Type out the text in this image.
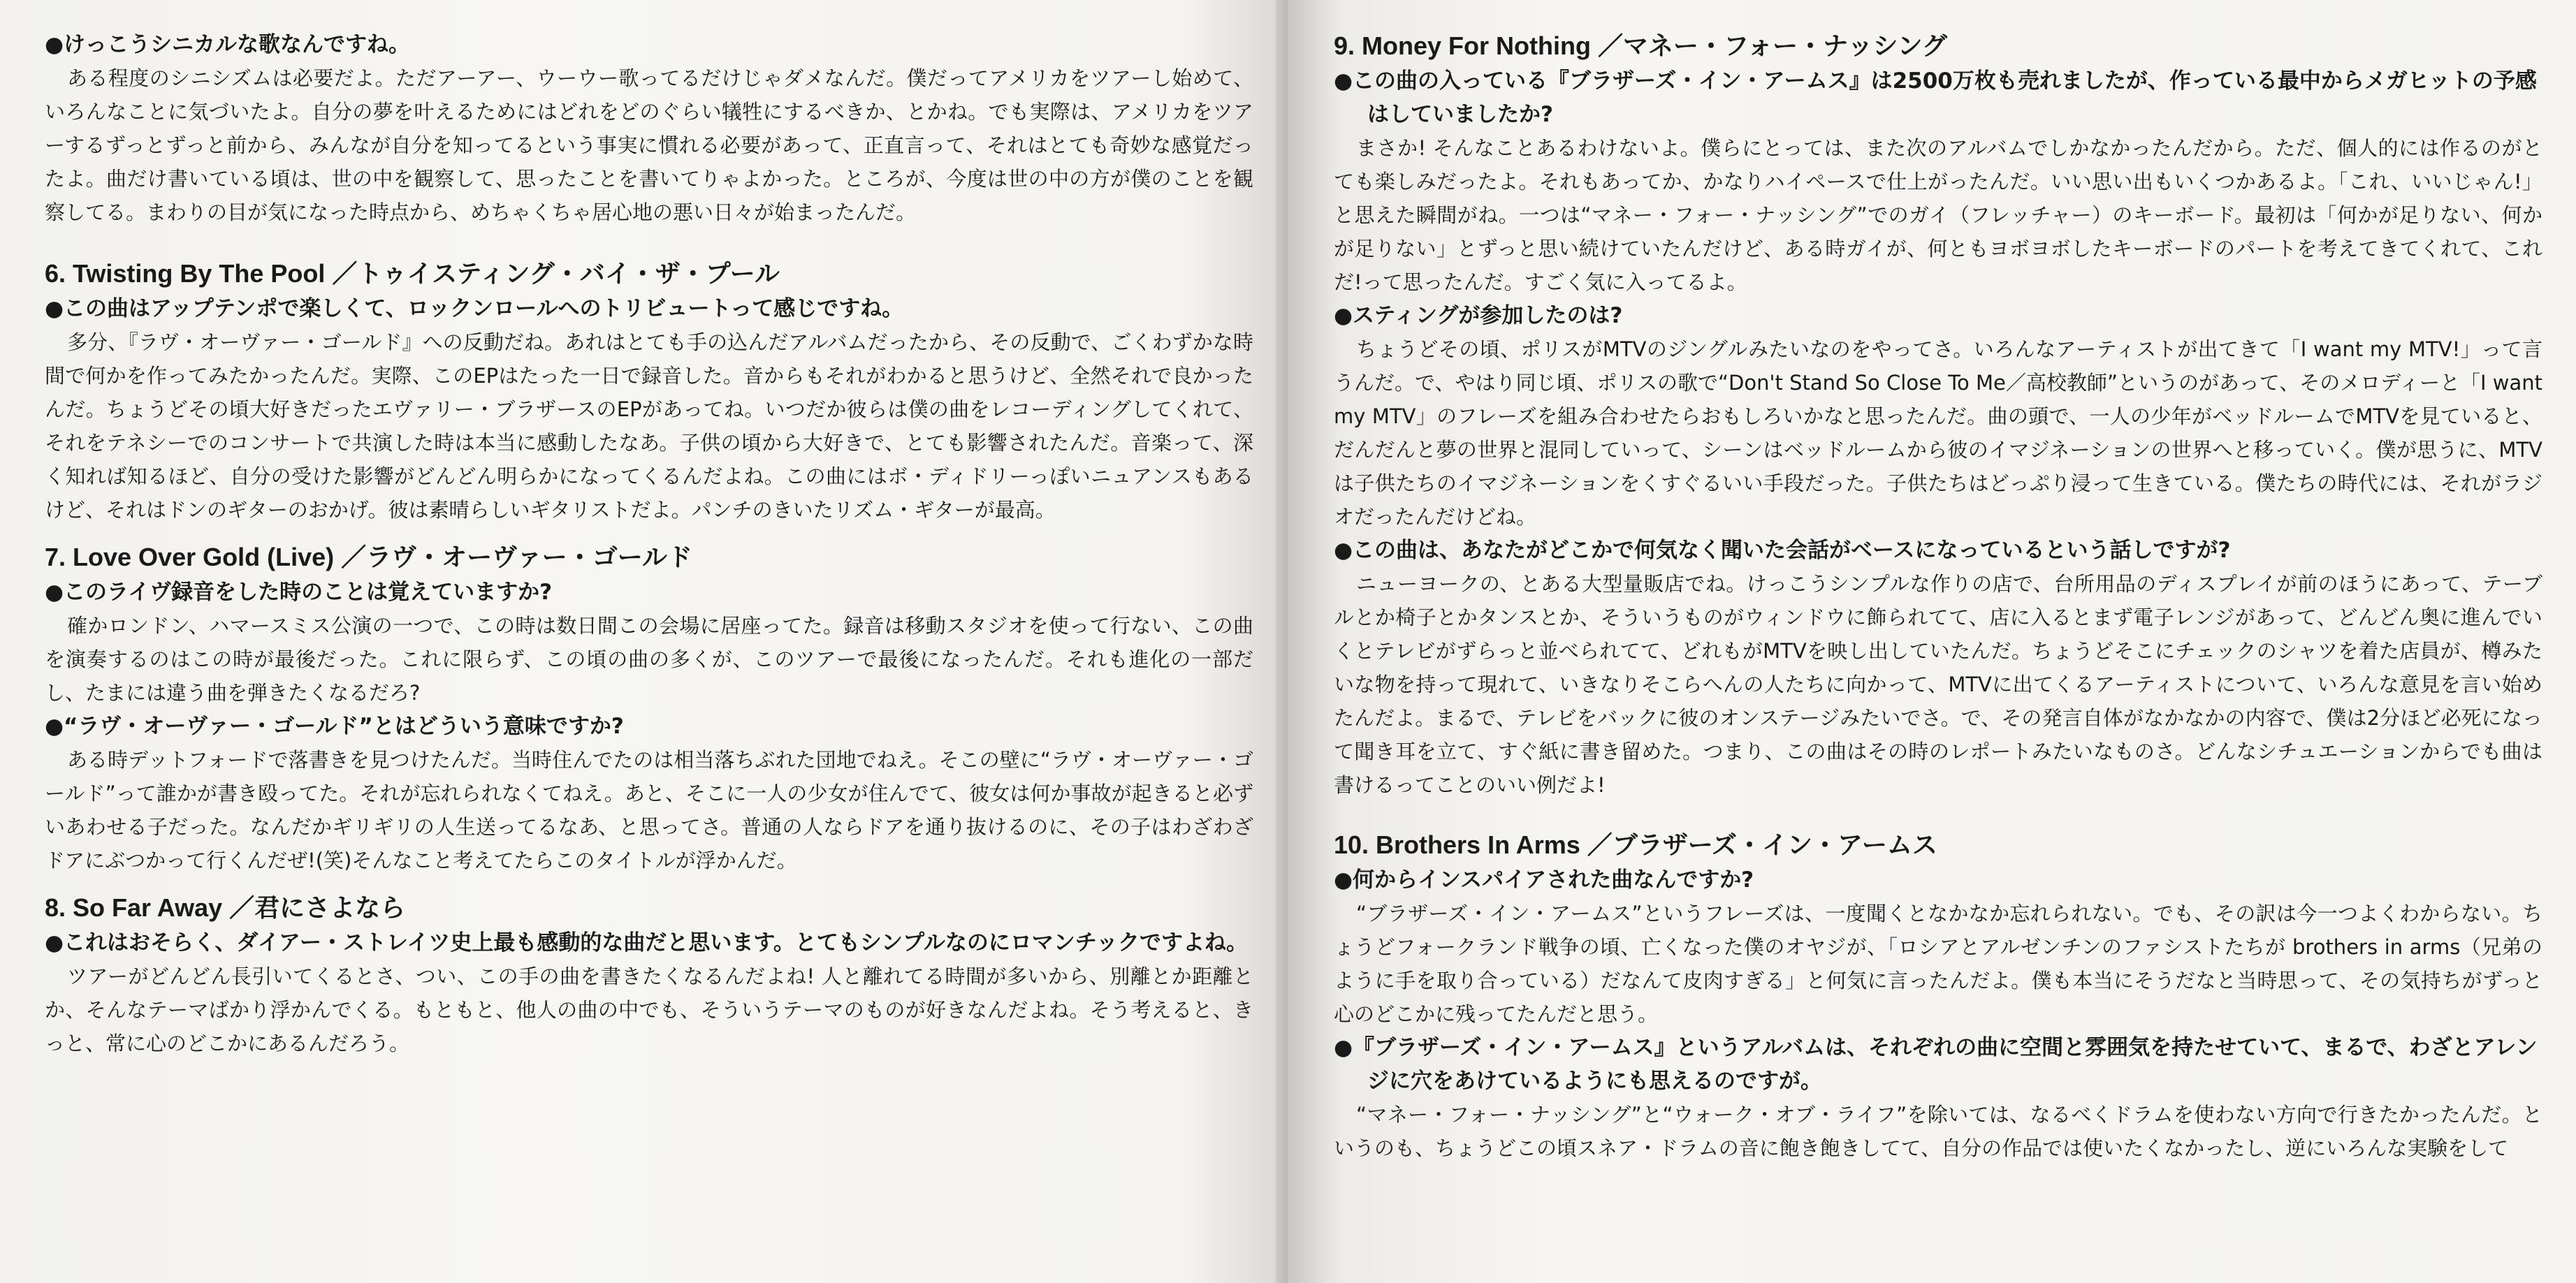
●けっこうシニカルな歌なんですね。

ある程度のシニシズムは必要だよ。ただアーアー、ウーウー歌ってるだけじゃダメなんだ。僕だってアメリカをツアーし始めて、いろんなことに気づいたよ。自分の夢を叶えるためにはどれをどのぐらい犠牲にするべきか、とかね。でも実際は、アメリカをツアーするずっとずっと前から、みんなが自分を知ってるという事実に慣れる必要があって、正直言って、それはとても奇妙な感覚だったよ。曲だけ書いている頃は、世の中を観察して、思ったことを書いてりゃよかった。ところが、今度は世の中の方が僕のことを観察してる。まわりの目が気になった時点から、めちゃくちゃ居心地の悪い日々が始まったんだ。

6. Twisting By The Pool ／トゥイスティング・バイ・ザ・プール

●この曲はアップテンポで楽しくて、ロックンロールへのトリビュートって感じですね。

多分、『ラヴ・オーヴァー・ゴールド』への反動だね。あれはとても手の込んだアルバムだったから、その反動で、ごくわずかな時間で何かを作ってみたかったんだ。実際、このEPはたった一日で録音した。音からもそれがわかると思うけど、全然それで良かったんだ。ちょうどその頃大好きだったエヴァリー・ブラザースのEPがあってね。いつだか彼らは僕の曲をレコーディングしてくれて、それをテネシーでのコンサートで共演した時は本当に感動したなあ。子供の頃から大好きで、とても影響されたんだ。音楽って、深く知れば知るほど、自分の受けた影響がどんどん明らかになってくるんだよね。この曲にはボ・ディドリーっぽいニュアンスもあるけど、それはドンのギターのおかげ。彼は素晴らしいギタリストだよ。パンチのきいたリズム・ギターが最高。

7. Love Over Gold (Live) ／ラヴ・オーヴァー・ゴールド

●このライヴ録音をした時のことは覚えていますか?

確かロンドン、ハマースミス公演の一つで、この時は数日間この会場に居座ってた。録音は移動スタジオを使って行ない、この曲を演奏するのはこの時が最後だった。これに限らず、この頃の曲の多くが、このツアーで最後になったんだ。それも進化の一部だし、たまには違う曲を弾きたくなるだろ?

●“ラヴ・オーヴァー・ゴールド”とはどういう意味ですか?

ある時デットフォードで落書きを見つけたんだ。当時住んでたのは相当落ちぶれた団地でねえ。そこの壁に“ラヴ・オーヴァー・ゴールド”って誰かが書き殴ってた。それが忘れられなくてねえ。あと、そこに一人の少女が住んでて、彼女は何か事故が起きると必ずいあわせる子だった。なんだかギリギリの人生送ってるなあ、と思ってさ。普通の人ならドアを通り抜けるのに、その子はわざわざドアにぶつかって行くんだぜ!(笑)そんなこと考えてたらこのタイトルが浮かんだ。

8. So Far Away ／君にさよなら

●これはおそらく、ダイアー・ストレイツ史上最も感動的な曲だと思います。とてもシンプルなのにロマンチックですよね。

ツアーがどんどん長引いてくるとさ、つい、この手の曲を書きたくなるんだよね! 人と離れてる時間が多いから、別離とか距離とか、そんなテーマばかり浮かんでくる。もともと、他人の曲の中でも、そういうテーマのものが好きなんだよね。そう考えると、きっと、常に心のどこかにあるんだろう。

9. Money For Nothing ／マネー・フォー・ナッシング

●この曲の入っている『ブラザーズ・イン・アームス』は2500万枚も売れましたが、作っている最中からメガヒットの予感はしていましたか?

まさか! そんなことあるわけないよ。僕らにとっては、また次のアルバムでしかなかったんだから。ただ、個人的には作るのがとても楽しみだったよ。それもあってか、かなりハイペースで仕上がったんだ。いい思い出もいくつかあるよ。「これ、いいじゃん!」と思えた瞬間がね。一つは“マネー・フォー・ナッシング”でのガイ（フレッチャー）のキーボード。最初は「何かが足りない、何かが足りない」とずっと思い続けていたんだけど、ある時ガイが、何ともヨボヨボしたキーボードのパートを考えてきてくれて、これだ!って思ったんだ。すごく気に入ってるよ。

●スティングが参加したのは?

ちょうどその頃、ポリスがMTVのジングルみたいなのをやってさ。いろんなアーティストが出てきて「I want my MTV!」って言うんだ。で、やはり同じ頃、ポリスの歌で“Don't Stand So Close To Me／高校教師”というのがあって、そのメロディーと「I want my MTV」のフレーズを組み合わせたらおもしろいかなと思ったんだ。曲の頭で、一人の少年がベッドルームでMTVを見ていると、だんだんと夢の世界と混同していって、シーンはベッドルームから彼のイマジネーションの世界へと移っていく。僕が思うに、MTVは子供たちのイマジネーションをくすぐるいい手段だった。子供たちはどっぷり浸って生きている。僕たちの時代には、それがラジオだったんだけどね。

●この曲は、あなたがどこかで何気なく聞いた会話がベースになっているという話しですが?

ニューヨークの、とある大型量販店でね。けっこうシンプルな作りの店で、台所用品のディスプレイが前のほうにあって、テーブルとか椅子とかタンスとか、そういうものがウィンドウに飾られてて、店に入るとまず電子レンジがあって、どんどん奥に進んでいくとテレビがずらっと並べられてて、どれもがMTVを映し出していたんだ。ちょうどそこにチェックのシャツを着た店員が、樽みたいな物を持って現れて、いきなりそこらへんの人たちに向かって、MTVに出てくるアーティストについて、いろんな意見を言い始めたんだよ。まるで、テレビをバックに彼のオンステージみたいでさ。で、その発言自体がなかなかの内容で、僕は2分ほど必死になって聞き耳を立て、すぐ紙に書き留めた。つまり、この曲はその時のレポートみたいなものさ。どんなシチュエーションからでも曲は書けるってことのいい例だよ!

10. Brothers In Arms ／ブラザーズ・イン・アームス

●何からインスパイアされた曲なんですか?

“ブラザーズ・イン・アームス”というフレーズは、一度聞くとなかなか忘れられない。でも、その訳は今一つよくわからない。ちょうどフォークランド戦争の頃、亡くなった僕のオヤジが、「ロシアとアルゼンチンのファシストたちが brothers in arms（兄弟のように手を取り合っている）だなんて皮肉すぎる」と何気に言ったんだよ。僕も本当にそうだなと当時思って、その気持ちがずっと心のどこかに残ってたんだと思う。

●『ブラザーズ・イン・アームス』というアルバムは、それぞれの曲に空間と雰囲気を持たせていて、まるで、わざとアレンジに穴をあけているようにも思えるのですが。

“マネー・フォー・ナッシング”と“ウォーク・オブ・ライフ”を除いては、なるべくドラムを使わない方向で行きたかったんだ。というのも、ちょうどこの頃スネア・ドラムの音に飽き飽きしてて、自分の作品では使いたくなかったし、逆にいろんな実験をして
